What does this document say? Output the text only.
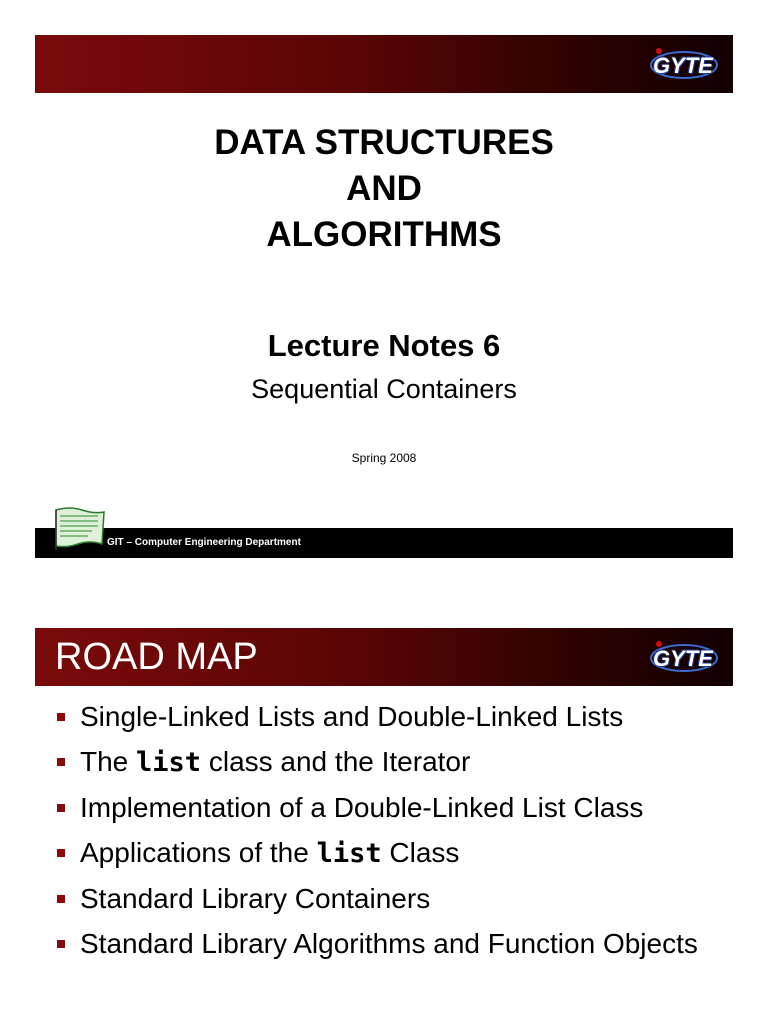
GYTE
DATA STRUCTURES
AND
ALGORITHMS
Lecture Notes 6
Sequential Containers
Spring 2008
GIT – Computer Engineering Department
ROAD MAP	GYTE
Single-Linked Lists and Double-Linked Lists
The list class and the Iterator
Implementation of a Double-Linked List Class
Applications of the list Class
Standard Library Containers
Standard Library Algorithms and Function Objects
